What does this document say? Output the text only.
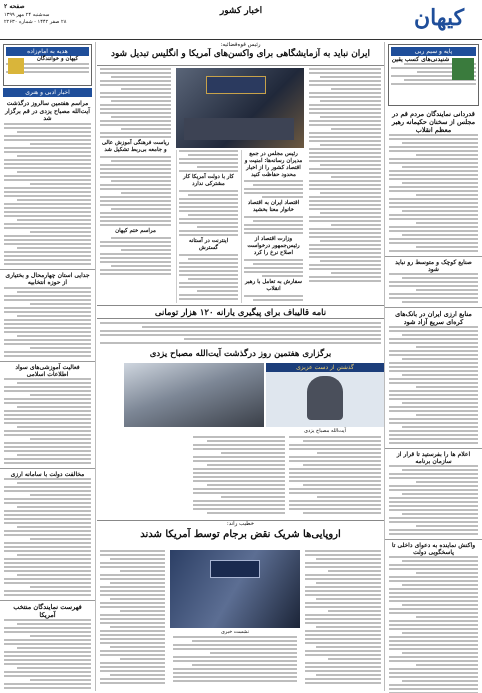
کیهان
اخبار کشور
صفحه ۲
سه‌شنبه ۲۴ مهر ۱۳۹۹
۲۸ صفر ۱۴۴۲ - شماره ۲۲۶۳۰
پایه و سیم‌ ربی
شنیدنی‌های کسب یقین
قدردانی نمایندگان مردم قم در مجلس از سخنان حکیمانه رهبر معظم انقلاب
صنایع کوچک و متوسط رو نباید شود
منابع ارزی ایران در بانک‌های کره‌ای سریع آزاد شود
اعلام ها را بفرستید تا قرار از سازمان برنامه
واکنش نماینده به دعوای داخلی تا پاسخگویی دولت
هدیه به امام‌زاده
کیهان و خوانندگان
اخبار ادبی و هنری
مراسم هفتمین سالروز درگذشت آیت‌الله مصباح یزدی در قم برگزار شد
جدایی استان چهارمحال و بختیاری از حوزه انتخابیه
فعالیت آموزشی‌های سواد اطلاعات اسلامی
مخالفت دولت با سامانه ارزی
فهرست نمایندگان منتخب آمریکا
رئیس قوه‌قضائیه:
ایران نباید به آزمایشگاهی برای واکسن‌های آمریکا و انگلیس تبدیل شود
ریاست فرهنگی آموزش عالی و جامعه بی‌ربط تشکیل شد
مراسم ختم کیهان
کار با دولت آمریکا کار مشترکی ندارد
اینترنت در آستانه گسترش
رئیس مجلس در جمع مدیران رسانه‌ها: امنیت و اقتصاد کشور را از اخبار محدود حفاظت کنید
اقتصاد ایران به اقتصاد خانوار معنا بخشید
وزارت اقتصاد از رئیس‌جمهور درخواست اصلاح نرخ را کرد
سفارش به تعامل با رهبر انقلاب
نامه قالیباف برای پیگیری یارانه ۱۲۰ هزار تومانی
برگزاری هفتمین روز درگذشت آیت‌الله مصباح یزدی
گذشتن از دست عزیزی
آیت‌الله مصباح یزدی
خطیب راند:
اروپایی‌ها شریک نقض برجام توسط آمریکا شدند
نشست خبری
